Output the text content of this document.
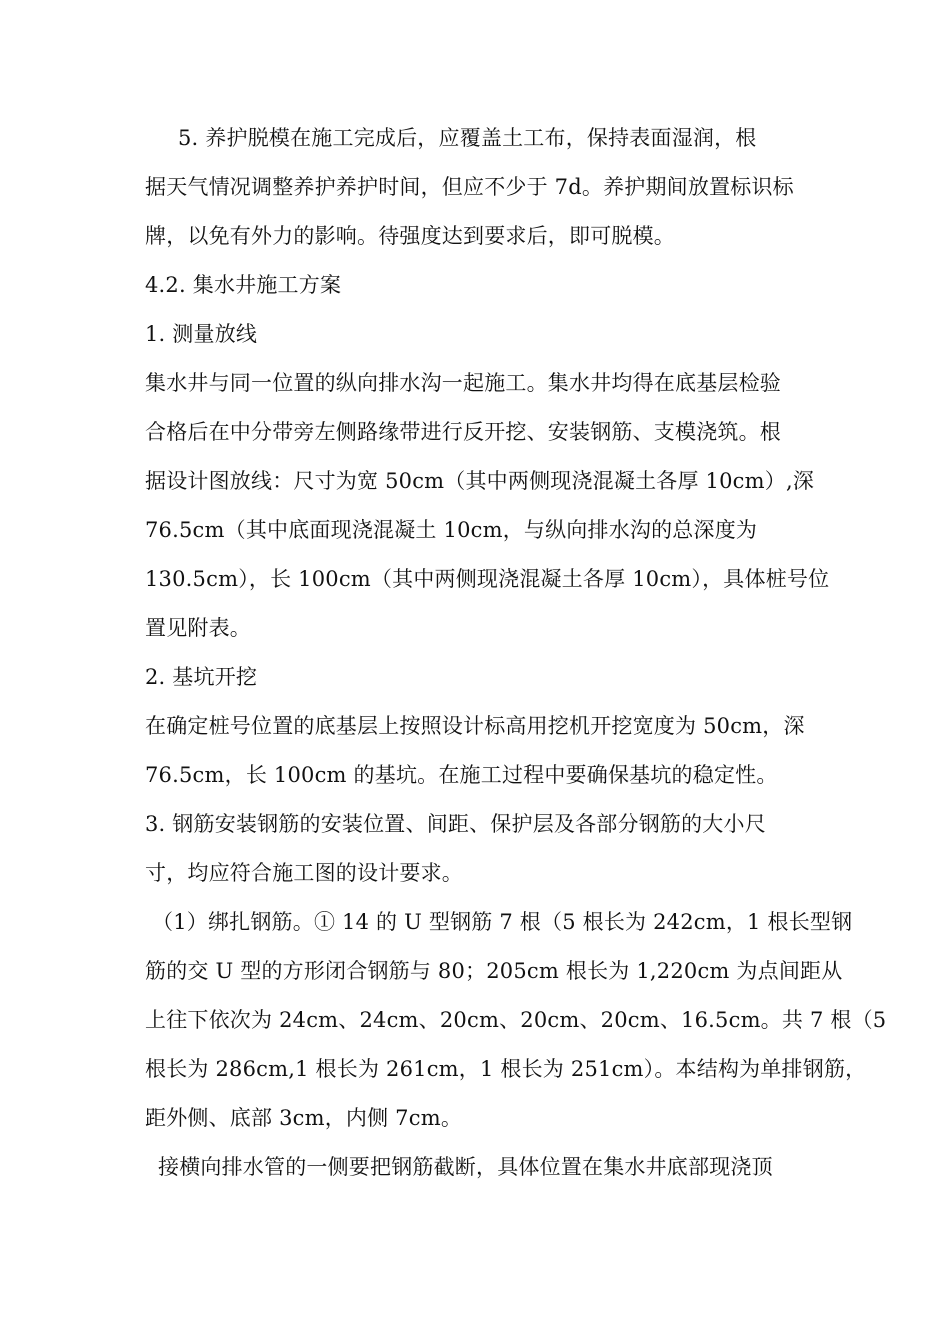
5. 养护脱模在施工完成后，应覆盖土工布，保持表面湿润，根
据天气情况调整养护养护时间，但应不少于 7d。养护期间放置标识标
牌，以免有外力的影响。待强度达到要求后，即可脱模。
4.2. 集水井施工方案
1. 测量放线
集水井与同一位置的纵向排水沟一起施工。集水井均得在底基层检验
合格后在中分带旁左侧路缘带进行反开挖、安装钢筋、支模浇筑。根
据设计图放线：尺寸为宽 50cm（其中两侧现浇混凝土各厚 10cm）,深
76.5cm（其中底面现浇混凝土 10cm，与纵向排水沟的总深度为
130.5cm），长 100cm（其中两侧现浇混凝土各厚 10cm），具体桩号位
置见附表。
2. 基坑开挖
在确定桩号位置的底基层上按照设计标高用挖机开挖宽度为 50cm，深
76.5cm，长 100cm 的基坑。在施工过程中要确保基坑的稳定性。
3. 钢筋安装钢筋的安装位置、间距、保护层及各部分钢筋的大小尺
寸，均应符合施工图的设计要求。
（1）绑扎钢筋。① 14 的 U 型钢筋 7 根（5 根长为 242cm，1 根长型钢
筋的交 U 型的方形闭合钢筋与 80；205cm 根长为 1,220cm 为点间距从
上往下依次为 24cm、24cm、20cm、20cm、20cm、16.5cm。共 7 根（5
根长为 286cm,1 根长为 261cm，1 根长为 251cm）。本结构为单排钢筋，
距外侧、底部 3cm，内侧 7cm。
接横向排水管的一侧要把钢筋截断，具体位置在集水井底部现浇顶
